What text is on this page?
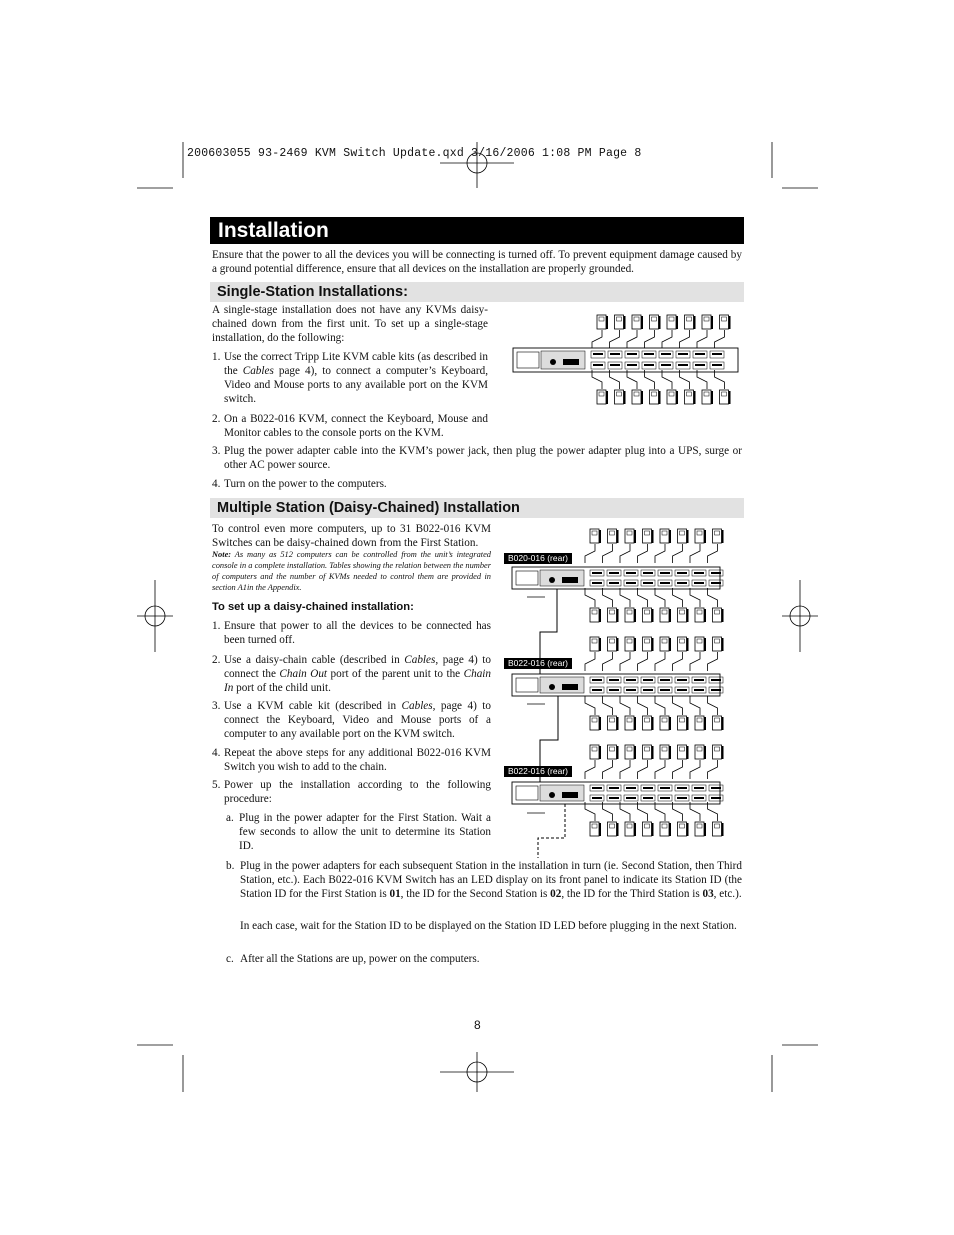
200603055 93-2469 KVM Switch Update.qxd 3/16/2006 1:08 PM Page 8
Installation
Ensure that the power to all the devices you will be connecting is turned off. To prevent equipment damage caused by a ground potential difference, ensure that all devices on the installation are properly grounded.
Single-Station Installations:
A single-stage installation does not have any KVMs daisy-chained down from the first unit. To set up a single-stage installation, do the following:
1. Use the correct Tripp Lite KVM cable kits (as described in the Cables page 4), to connect a computer’s Keyboard, Video and Mouse ports to any available port on the KVM switch.
2. On a B022-016 KVM, connect the Keyboard, Mouse and Monitor cables to the console ports on the KVM.
3. Plug the power adapter cable into the KVM’s power jack, then plug the power adapter plug into a UPS, surge or other AC power source.
4. Turn on the power to the computers.
Multiple Station (Daisy-Chained) Installation
To control even more computers, up to 31 B022-016 KVM Switches can be daisy-chained down from the First Station.
Note: As many as 512 computers can be controlled from the unit’s integrated console in a complete installation. Tables showing the relation between the number of computers and the number of KVMs needed to control them are provided in section A1in the Appendix.
To set up a daisy-chained installation:
1. Ensure that power to all the devices to be connected has been turned off.
2. Use a daisy-chain cable (described in Cables, page 4) to connect the Chain Out port of the parent unit to the Chain In port of the child unit.
3. Use a KVM cable kit (described in Cables, page 4) to connect the Keyboard, Video and Mouse ports of a computer to any available port on the KVM switch.
4. Repeat the above steps for any additional B022-016 KVM Switch you wish to add to the chain.
5. Power up the installation according to the following procedure:
a. Plug in the power adapter for the First Station. Wait a few seconds to allow the unit to determine its Station ID.
b. Plug in the power adapters for each subsequent Station in the installation in turn (ie. Second Station, then Third Station, etc.). Each B022-016 KVM Switch has an LED display on its front panel to indicate its Station ID (the Station ID for the First Station is 01, the ID for the Second Station is 02, the ID for the Third Station is 03, etc.).
In each case, wait for the Station ID to be displayed on the Station ID LED before plugging in the next Station.
c. After all the Stations are up, power on the computers.
B020-016 (rear)
B022-016 (rear)
B022-016 (rear)
8
